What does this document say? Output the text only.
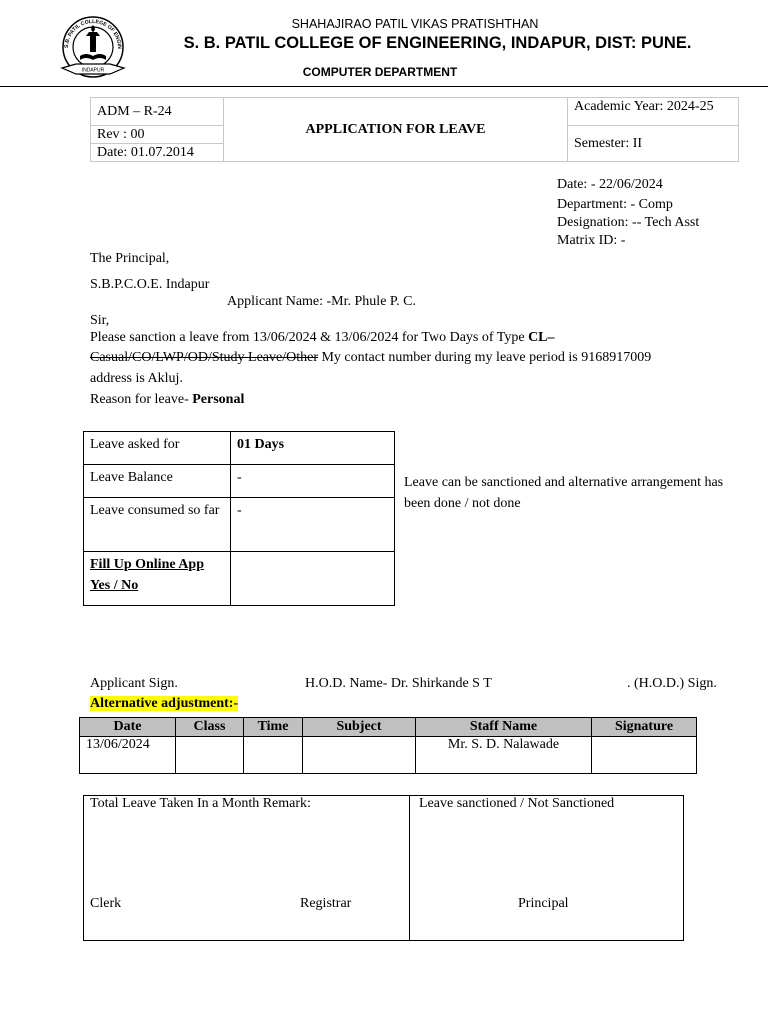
S.B. PATIL COLLEGE OF ENGIN
INDAPUR
SHAHAJIRAO PATIL VIKAS PRATISHTHAN
S. B. PATIL COLLEGE OF ENGINEERING, INDAPUR, DIST: PUNE.
COMPUTER DEPARTMENT
ADM – R-24	APPLICATION FOR LEAVE	Academic Year: 2024-25
Rev : 00		Semester: II
Date: 01.07.2014		
Date: - 22/06/2024
Department: - Comp
Designation: -- Tech Asst
Matrix ID: -
The Principal,
S.B.P.C.O.E. Indapur
Applicant Name: -Mr. Phule P. C.
Sir,
Please sanction a leave from 13/06/2024 & 13/06/2024 for Two Days of Type CL–
Casual/CO/LWP/OD/Study Leave/Other My contact number during my leave period is 9168917009
address is Akluj.
Reason for leave- Personal
Leave asked for	01 Days
Leave Balance	-
Leave consumed so far	-
Fill Up Online App
Yes / No	
Leave can be sanctioned and alternative arrangement has been done / not done
Applicant Sign.	H.O.D. Name- Dr. Shirkande S T	. (H.O.D.) Sign.
Alternative adjustment:-
Date	Class	Time	Subject	Staff Name	Signature
13/06/2024				Mr. S. D. Nalawade	
Total Leave Taken In a Month Remark:	Leave sanctioned / Not Sanctioned
Clerk	Registrar	Principal
